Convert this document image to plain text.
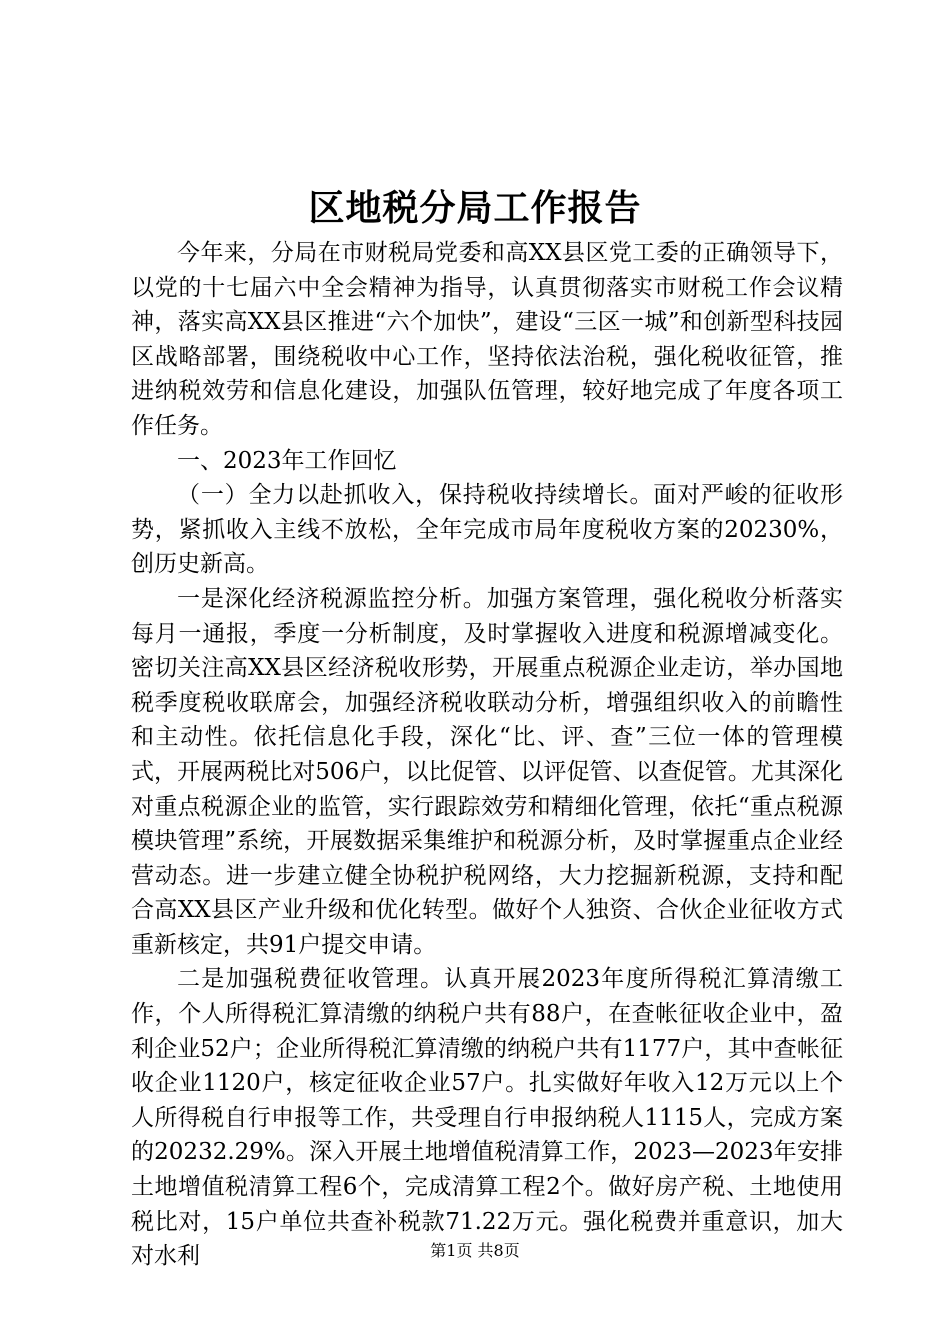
区地税分局工作报告

今年来，分局在市财税局党委和高XX县区党工委的正确领导下，以党的十七届六中全会精神为指导，认真贯彻落实市财税工作会议精神，落实高XX县区推进“六个加快”，建设“三区一城”和创新型科技园区战略部署，围绕税收中心工作，坚持依法治税，强化税收征管，推进纳税效劳和信息化建设，加强队伍管理，较好地完成了年度各项工作任务。

一、2023年工作回忆

（一）全力以赴抓收入，保持税收持续增长。面对严峻的征收形势，紧抓收入主线不放松，全年完成市局年度税收方案的20230%，创历史新高。

一是深化经济税源监控分析。加强方案管理，强化税收分析落实每月一通报，季度一分析制度，及时掌握收入进度和税源增减变化。密切关注高XX县区经济税收形势，开展重点税源企业走访，举办国地税季度税收联席会，加强经济税收联动分析，增强组织收入的前瞻性和主动性。依托信息化手段，深化“比、评、查”三位一体的管理模式，开展两税比对506户，以比促管、以评促管、以查促管。尤其深化对重点税源企业的监管，实行跟踪效劳和精细化管理，依托“重点税源模块管理”系统，开展数据采集维护和税源分析，及时掌握重点企业经营动态。进一步建立健全协税护税网络，大力挖掘新税源，支持和配合高XX县区产业升级和优化转型。做好个人独资、合伙企业征收方式重新核定，共91户提交申请。

二是加强税费征收管理。认真开展2023年度所得税汇算清缴工作，个人所得税汇算清缴的纳税户共有88户，在查帐征收企业中，盈利企业52户；企业所得税汇算清缴的纳税户共有1177户，其中查帐征收企业1120户，核定征收企业57户。扎实做好年收入12万元以上个人所得税自行申报等工作，共受理自行申报纳税人1115人，完成方案的20232.29%。深入开展土地增值税清算工作，2023—2023年安排土地增值税清算工程6个，完成清算工程2个。做好房产税、土地使用税比对，15户单位共查补税款71.22万元。强化税费并重意识，加大对水利	第1页 共8页
